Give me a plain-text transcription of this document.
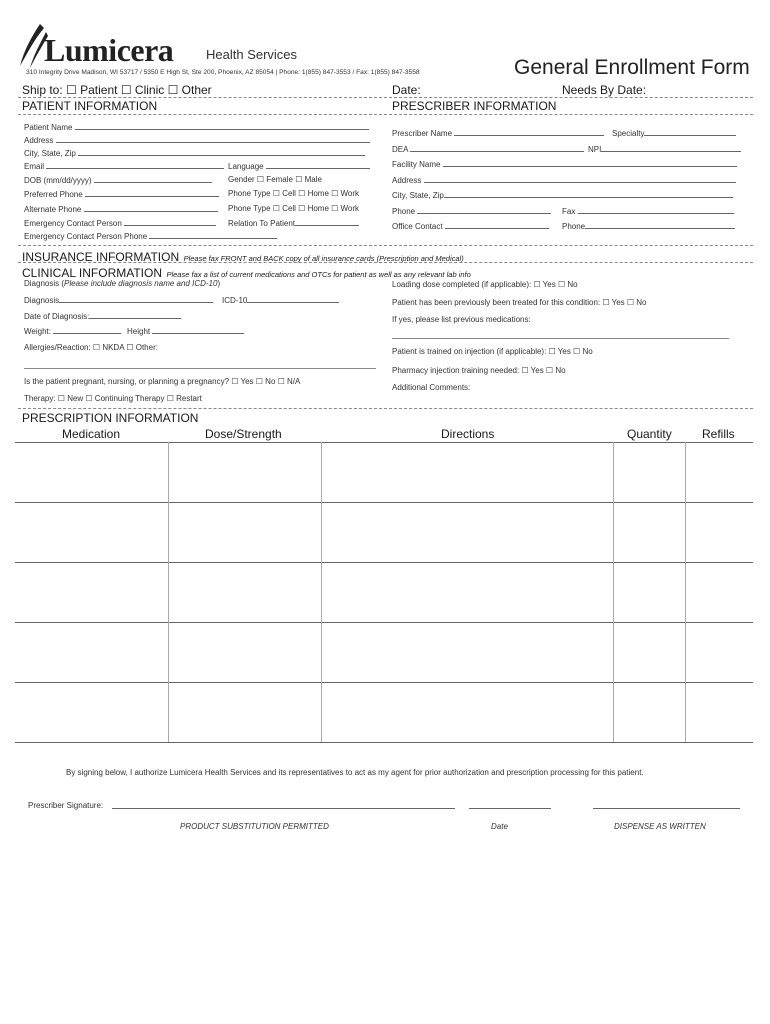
Lumicera	Health Services
310 Integrity Drive Madison, WI 53717 / 5350 E High St, Ste 200, Phoenix, AZ 85054 | Phone: 1(855) 847-3553 / Fax: 1(855) 847-3558	General Enrollment Form
Ship to: ☐ Patient ☐ Clinic ☐ Other	Date:	Needs By Date:
PATIENT INFORMATION	PRESCRIBER INFORMATION
Patient Name
Address
City, State, Zip
Email	Language
DOB (mm/dd/yyyy)	Gender ☐ Female ☐ Male
Preferred Phone	Phone Type ☐ Cell ☐ Home ☐ Work
Alternate Phone	Phone Type ☐ Cell ☐ Home ☐ Work
Emergency Contact Person	Relation To Patient
Emergency Contact Person Phone
Prescriber Name	Specialty
DEA	NPI
Facility Name
Address
City, State, Zip
Phone	Fax
Office Contact	Phone
INSURANCE INFORMATION Please fax FRONT and BACK copy of all insurance cards (Prescription and Medical)
CLINICAL INFORMATION Please fax a list of current medications and OTCs for patient as well as any relevant lab info
Diagnosis (Please include diagnosis name and ICD-10)
Diagnosis	ICD-10
Date of Diagnosis:
Weight:	Height
Allergies/Reaction: ☐ NKDA ☐ Other:
Is the patient pregnant, nursing, or planning a pregnancy? ☐ Yes ☐ No ☐ N/A
Therapy: ☐ New ☐ Continuing Therapy ☐ Restart
Loading dose completed (if applicable): ☐ Yes ☐ No
Patient has been previously been treated for this condition: ☐ Yes ☐ No
If yes, please list previous medications:
Patient is trained on injection (if applicable): ☐ Yes ☐ No
Pharmacy injection training needed: ☐ Yes ☐ No
Additional Comments:
PRESCRIPTION INFORMATION
Medication	Dose/Strength	Directions	Quantity	Refills
By signing below, I authorize Lumicera Health Services and its representatives to act as my agent for prior authorization and prescription processing for this patient.
Prescriber Signature:
PRODUCT SUBSTITUTION PERMITTED	Date	DISPENSE AS WRITTEN
